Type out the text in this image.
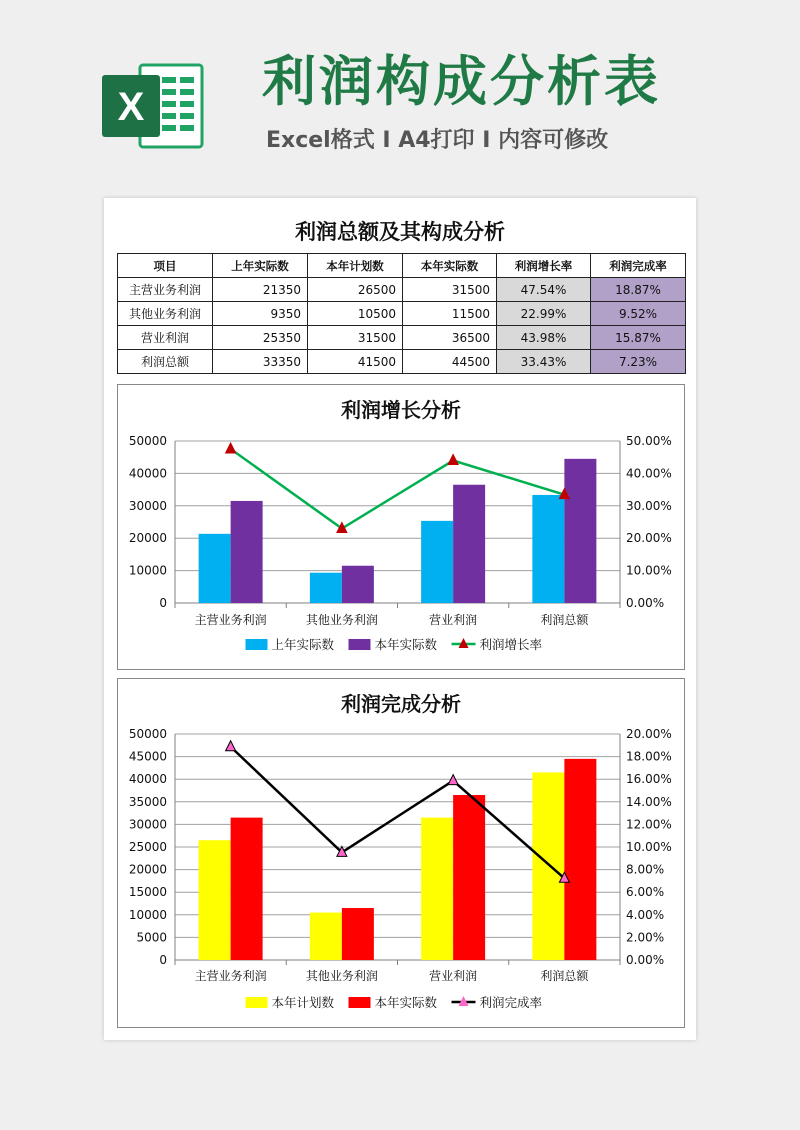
X 利润构成分析表
Excel格式 Ⅰ A4打印 Ⅰ 内容可修改
利润总额及其构成分析
项目	上年实际数	本年计划数	本年实际数	利润增长率	利润完成率
主营业务利润	21350	26500	31500	47.54%	18.87%
其他业务利润	9350	10500	11500	22.99%	9.52%
营业利润	25350	31500	36500	43.98%	15.87%
利润总额	33350	41500	44500	33.43%	7.23%
利润增长分析
0
10000
20000
30000
40000
50000
0.00%
10.00%
20.00%
30.00%
40.00%
50.00%
主营业务利润	其他业务利润	营业利润	利润总额
上年实际数	本年实际数	利润增长率
利润完成分析
0
5000
10000
15000
20000
25000
30000
35000
40000
45000
50000
0.00%
2.00%
4.00%
6.00%
8.00%
10.00%
12.00%
14.00%
16.00%
18.00%
20.00%
主营业务利润	其他业务利润	营业利润	利润总额
本年计划数	本年实际数	利润完成率
